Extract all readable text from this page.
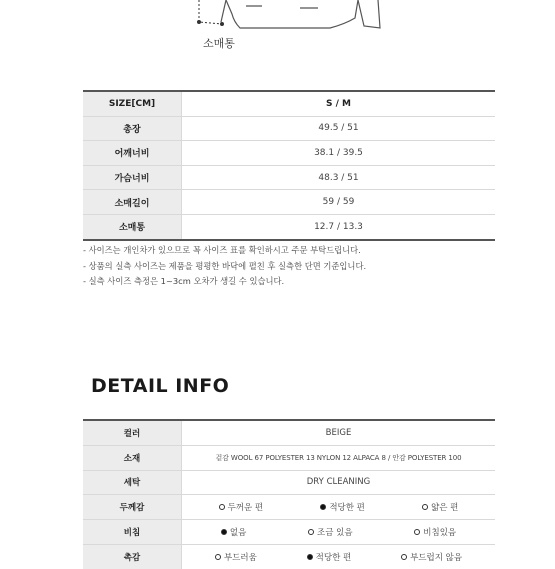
소매통
SIZE[CM]	S / M
총장	49.5 / 51
어깨너비	38.1 / 39.5
가슴너비	48.3 / 51
소매길이	59 / 59
소매통	12.7 / 13.3
- 사이즈는 개인차가 있으므로 꼭 사이즈 표를 확인하시고 주문 부탁드립니다.
- 상품의 실측 사이즈는 제품을 평평한 바닥에 펼친 후 실측한 단면 기준입니다.
- 실측 사이즈 측정은 1~3cm 오차가 생길 수 있습니다.
DETAIL INFO
컬러	BEIGE
소재	겉감 WOOL 67 POLYESTER 13 NYLON 12 ALPACA 8 / 안감 POLYESTER 100
세탁	DRY CLEANING
두께감	두꺼운 편 적당한 편 얇은 편

비침	없음 조금 있음 비침있음

촉감	부드러움 적당한 편 부드럽지 않음
